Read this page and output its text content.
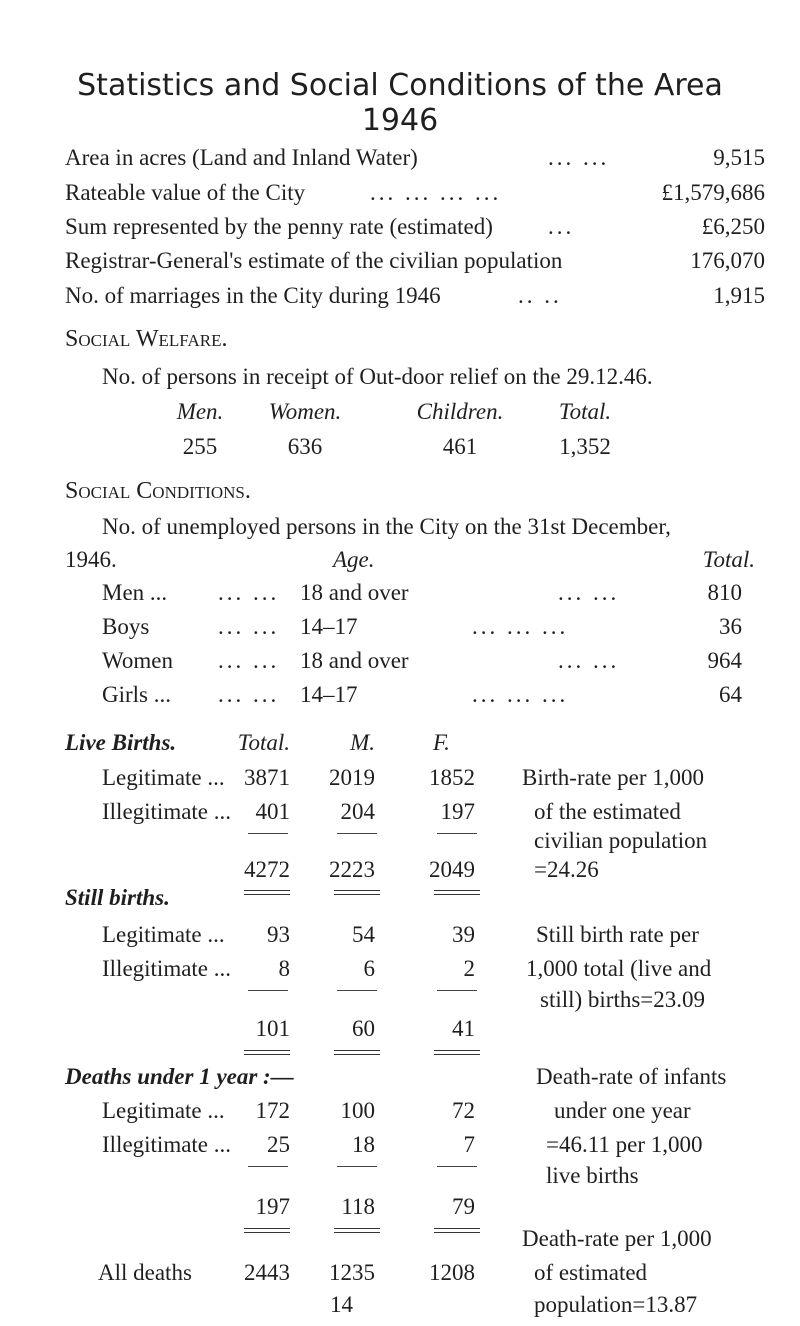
Statistics and Social Conditions of the Area
1946
Area in acres (Land and Inland Water)	... ...	9,515
Rateable value of the City	... ... ... ...	£1,579,686
Sum represented by the penny rate (estimated) ...	£6,250
Registrar-General's estimate of the civilian population	176,070
No. of marriages in the City during 1946	.. ..	1,915
Social Welfare.
No. of persons in receipt of Out-door relief on the 29.12.46.
Men.	Women.	Children.	Total.
255	636	461	1,352
Social Conditions.
No. of unemployed persons in the City on the 31st December,
1946.	Age.	Total.
Men ... ... ... 18 and over	... ...	810
Boys	... ... 14–17	... ... ...	36
Women ... ... 18 and over	... ...	964
Girls ... ... ... 14–17	... ... ...	64
Live Births.	Total.	M.	F.
Legitimate ... 3871	2019	1852
Illegitimate ...	401	204	197
4272	2223	2049
Birth-rate per 1,000
of the estimated
civilian population
=24.26
Still births.
Legitimate ...	93	54	39
Illegitimate ...	8	6	2
101	60	41
Still birth rate per
1,000 total (live and
still) births=23.09
Deaths under 1 year :—
Legitimate ...	172	100	72
Illegitimate ...	25	18	7
197	118	79
Death-rate of infants
under one year
=46.11 per 1,000
live births
All deaths	2443	1235	1208
Death-rate per 1,000
of estimated
population=13.87
14
